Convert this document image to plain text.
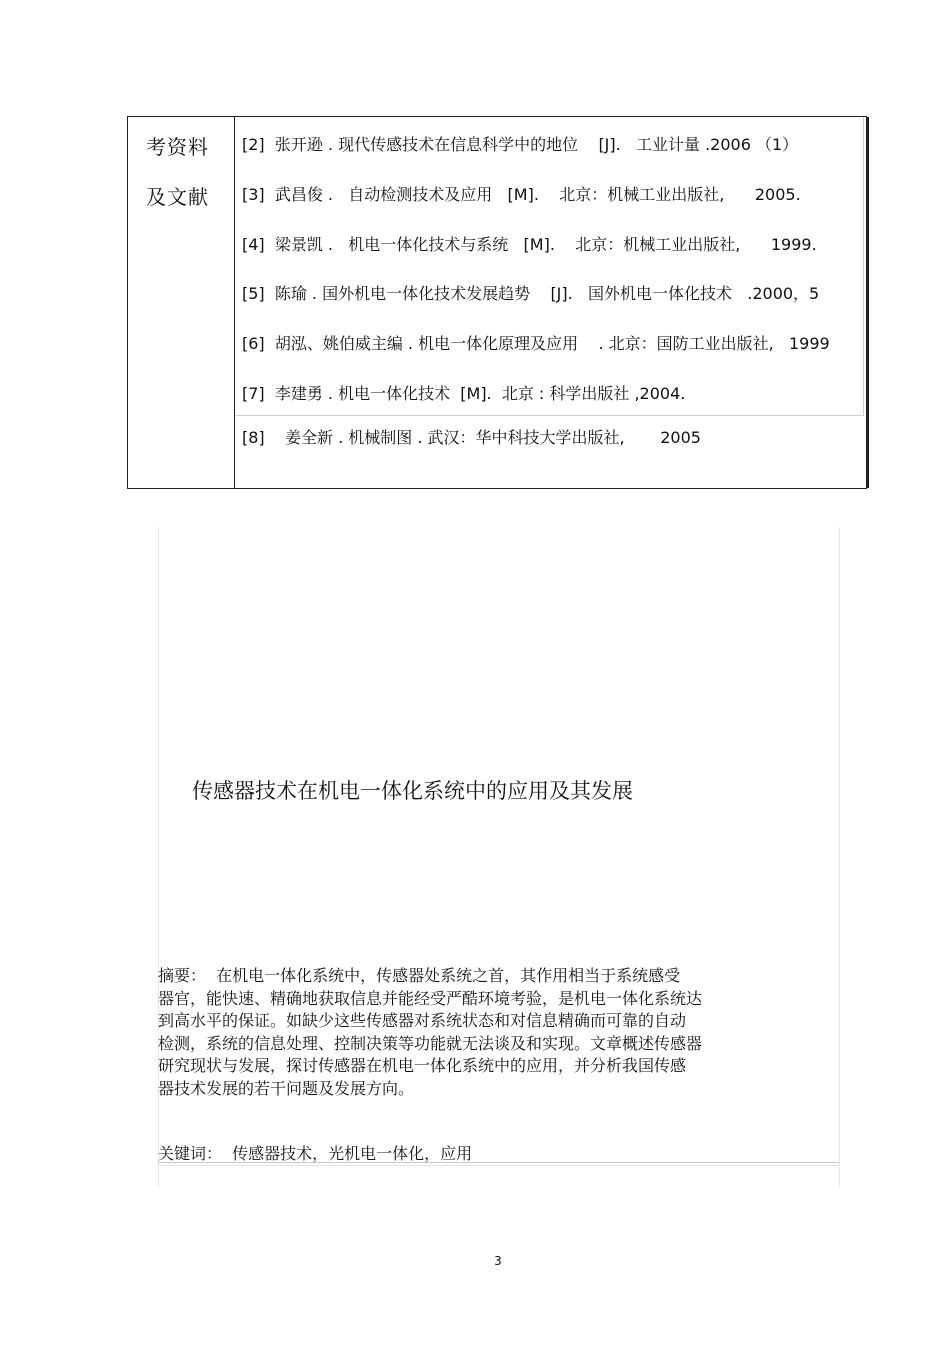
考资料
及文献
[2]  张开逊 . 现代传感技术在信息科学中的地位    [J].   工业计量 .2006 （1）
[3]  武昌俊 .   自动检测技术及应用   [M].    北京：机械工业出版社,      2005.
[4]  梁景凯 .   机电一体化技术与系统   [M].    北京：机械工业出版社,      1999.
[5]  陈瑜 . 国外机电一体化技术发展趋势    [J].   国外机电一体化技术   .2000，5
[6]  胡泓、姚伯威主编 . 机电一体化原理及应用    . 北京：国防工业出版社,   1999
[7]  李建勇 . 机电一体化技术  [M].  北京 : 科学出版社 ,2004.
[8]    姜全新 . 机械制图 . 武汉：华中科技大学出版社,       2005
传感器技术在机电一体化系统中的应用及其发展
摘要：  在机电一体化系统中，传感器处系统之首，其作用相当于系统感受
器官，能快速、精确地获取信息并能经受严酷环境考验，是机电一体化系统达
到高水平的保证。如缺少这些传感器对系统状态和对信息精确而可靠的自动
检测，系统的信息处理、控制决策等功能就无法谈及和实现。文章概述传感器
研究现状与发展，探讨传感器在机电一体化系统中的应用，并分析我国传感
器技术发展的若干问题及发展方向。
关键词：  传感器技术，光机电一体化，应用
3
